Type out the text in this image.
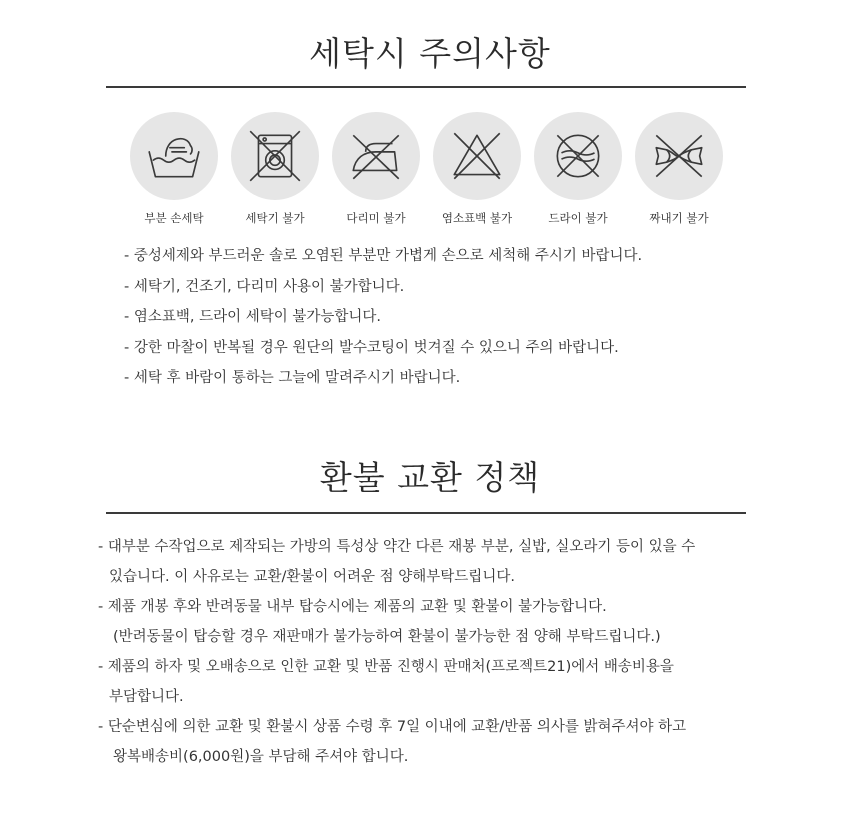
세탁시 주의사항
부분 손세탁	세탁기 불가	다리미 불가	염소표백 불가	드라이 불가	짜내기 불가
- 중성세제와 부드러운 솔로 오염된 부분만 가볍게 손으로 세척해 주시기 바랍니다.
- 세탁기, 건조기, 다리미 사용이 불가합니다.
- 염소표백, 드라이 세탁이 불가능합니다.
- 강한 마찰이 반복될 경우 원단의 발수코팅이 벗겨질 수 있으니 주의 바랍니다.
- 세탁 후 바람이 통하는 그늘에 말려주시기 바랍니다.
환불 교환 정책
- 대부분 수작업으로 제작되는 가방의 특성상 약간 다른 재봉 부분, 실밥, 실오라기 등이 있을 수
있습니다. 이 사유로는 교환/환불이 어려운 점 양해부탁드립니다.
- 제품 개봉 후와 반려동물 내부 탑승시에는 제품의 교환 및 환불이 불가능합니다.
(반려동물이 탑승할 경우 재판매가 불가능하여 환불이 불가능한 점 양해 부탁드립니다.)
- 제품의 하자 및 오배송으로 인한 교환 및 반품 진행시 판매처(프로젝트21)에서 배송비용을
부담합니다.
- 단순변심에 의한 교환 및 환불시 상품 수령 후 7일 이내에 교환/반품 의사를 밝혀주셔야 하고
왕복배송비(6,000원)을 부담해 주셔야 합니다.
